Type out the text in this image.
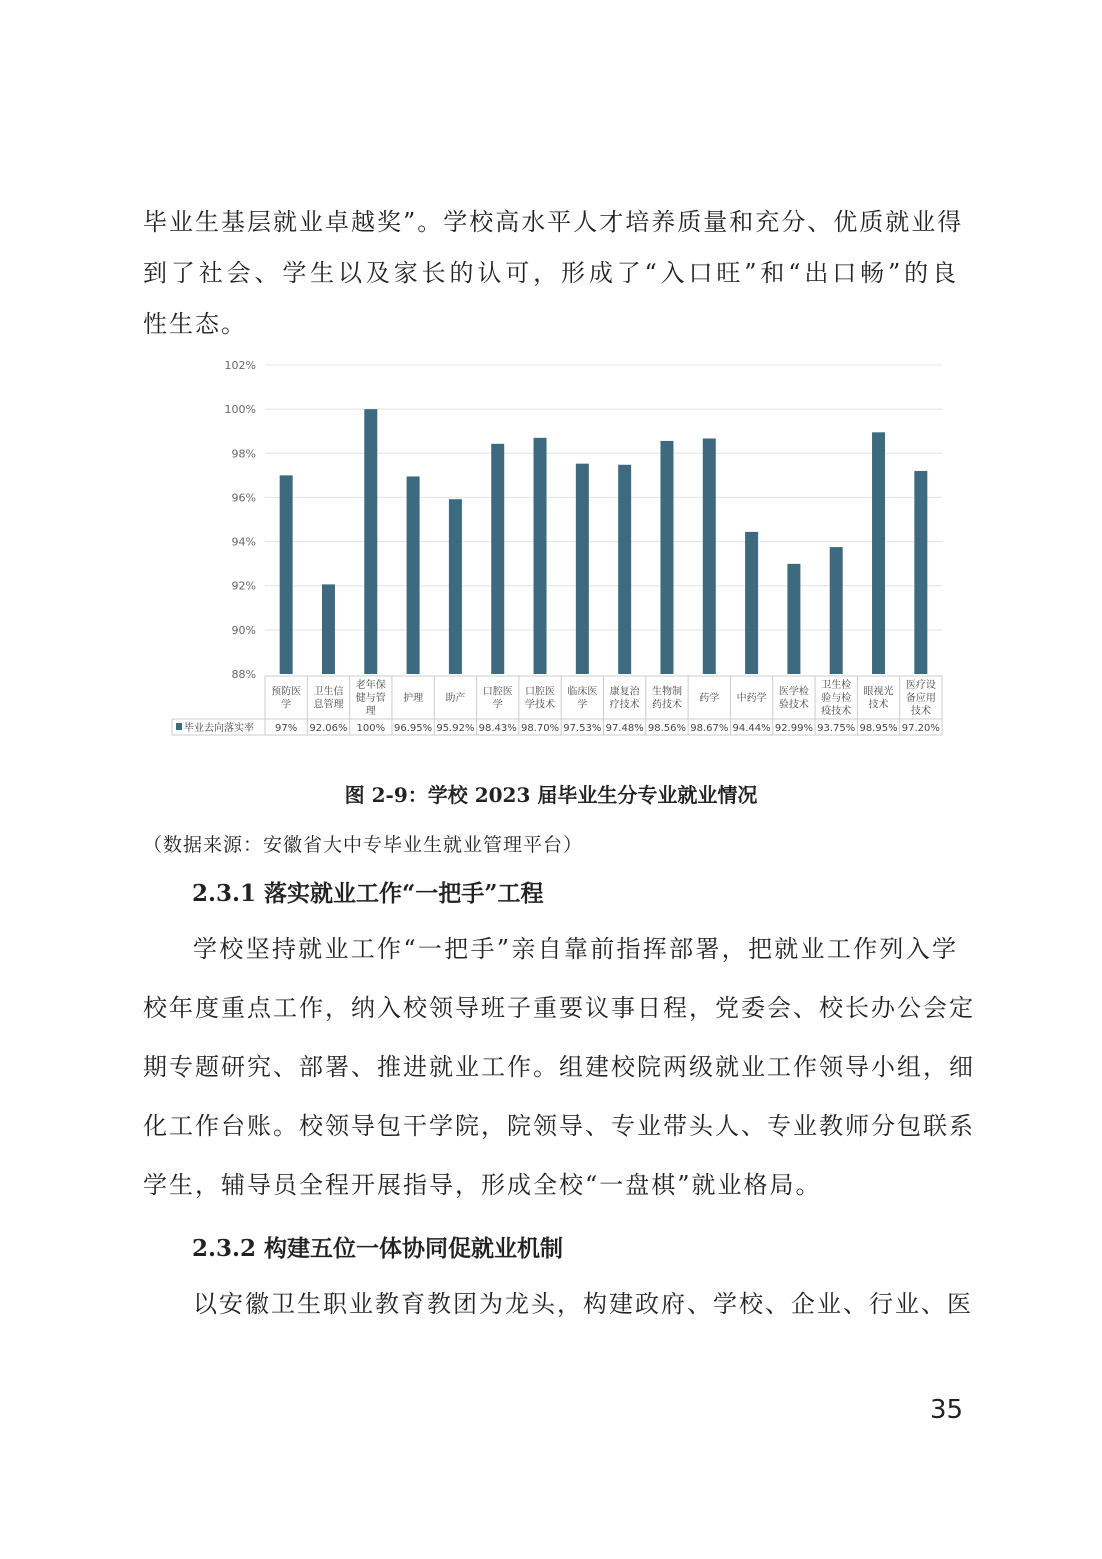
毕业生基层就业卓越奖”。学校高水平人才培养质量和充分、优质就业得
到了社会、学生以及家长的认可，形成了“入口旺”和“出口畅”的良
性生态。
88%
90%
92%
94%
96%
98%
100%
102%
毕业去向落实率
预防医
学
97%
卫生信
息管理
92.06%
老年保
健与管
理
100%
护理
96.95%
助产
95.92%
口腔医
学
98.43%
口腔医
学技术
98.70%
临床医
学
97.53%
康复治
疗技术
97.48%
生物制
药技术
98.56%
药学
98.67%
中药学
94.44%
医学检
验技术
92.99%
卫生检
验与检
疫技术
93.75%
眼视光
技术
98.95%
医疗设
备应用
技术
97.20%
图 2-9：学校 2023 届毕业生分专业就业情况
（数据来源：安徽省大中专毕业生就业管理平台）
2.3.1 落实就业工作“一把手”工程
学校坚持就业工作“一把手”亲自靠前指挥部署，把就业工作列入学
校年度重点工作，纳入校领导班子重要议事日程，党委会、校长办公会定
期专题研究、部署、推进就业工作。组建校院两级就业工作领导小组，细
化工作台账。校领导包干学院，院领导、专业带头人、专业教师分包联系
学生，辅导员全程开展指导，形成全校“一盘棋”就业格局。
2.3.2 构建五位一体协同促就业机制
以安徽卫生职业教育教团为龙头，构建政府、学校、企业、行业、医
35
